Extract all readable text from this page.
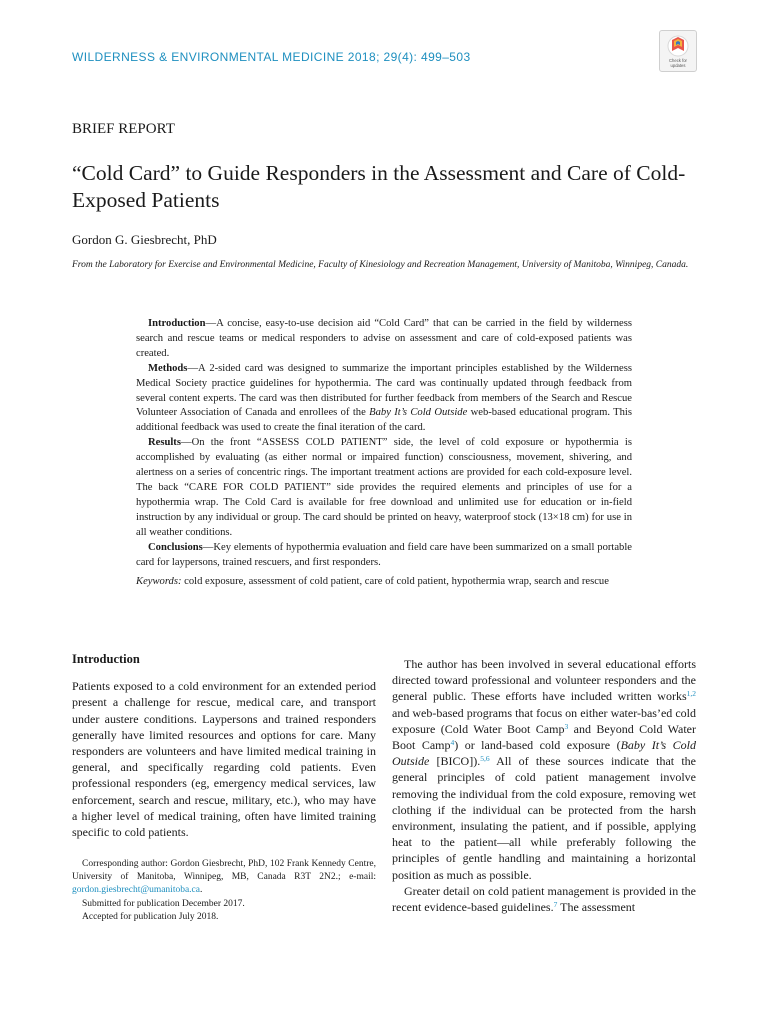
WILDERNESS & ENVIRONMENTAL MEDICINE 2018; 29(4): 499–503	Check for
updates
BRIEF REPORT
“Cold Card” to Guide Responders in the Assessment and Care of Cold-Exposed Patients
Gordon G. Giesbrecht, PhD
From the Laboratory for Exercise and Environmental Medicine, Faculty of Kinesiology and Recreation Management, University of Manitoba, Winnipeg, Canada.

Introduction—A concise, easy-to-use decision aid “Cold Card” that can be carried in the field by wilderness search and rescue teams or medical responders to advise on assessment and care of cold-exposed patients was created.

Methods—A 2-sided card was designed to summarize the important principles established by the Wilderness Medical Society practice guidelines for hypothermia. The card was continually updated through feedback from several content experts. The card was then distributed for further feedback from members of the Search and Rescue Volunteer Association of Canada and enrollees of the Baby It’s Cold Outside web-based educational program. This additional feedback was used to create the final iteration of the card.

Results—On the front “ASSESS COLD PATIENT” side, the level of cold exposure or hypothermia is accomplished by evaluating (as either normal or impaired function) consciousness, movement, shivering, and alertness on a series of concentric rings. The important treatment actions are provided for each cold-exposure level. The back “CARE FOR COLD PATIENT” side provides the required elements and principles of use for a hypothermia wrap. The Cold Card is available for free download and unlimited use for education or in-field instruction by any individual or group. The card should be printed on heavy, waterproof stock (13×18 cm) for use in all weather conditions.

Conclusions—Key elements of hypothermia evaluation and field care have been summarized on a small portable card for laypersons, trained rescuers, and first responders.

Keywords: cold exposure, assessment of cold patient, care of cold patient, hypothermia wrap, search and rescue
Introduction

Patients exposed to a cold environment for an extended period present a challenge for rescue, medical care, and transport under austere conditions. Laypersons and trained responders generally have limited resources and options for care. Many responders are volunteers and have limited medical training in general, and specifically regarding cold patients. Even professional responders (eg, emergency medical services, law enforcement, search and rescue, military, etc.), who may have a higher level of medical training, often have limited training specific to cold patients.

Corresponding author: Gordon Giesbrecht, PhD, 102 Frank Kennedy Centre, University of Manitoba, Winnipeg, MB, Canada R3T 2N2.; e-mail: gordon.giesbrecht@umanitoba.ca.

Submitted for publication December 2017.

Accepted for publication July 2018.

The author has been involved in several educational efforts directed toward professional and volunteer responders and the general public. These efforts have included written works$^{1,2}$ and web-based programs that focus on either water-bas’ed cold exposure (Cold Water Boot Camp$^3$ and Beyond Cold Water Boot Camp$^4$) or land-based cold exposure (Baby It’s Cold Outside [BICO]).$^{5,6}$ All of these sources indicate that the general principles of cold patient management involve removing the individual from the cold exposure, removing wet clothing if the individual can be protected from the harsh environment, insulating the patient, and if possible, applying heat to the patient—all while preferably following the principles of gentle handling and maintaining a horizontal position as much as possible.

Greater detail on cold patient management is provided in the recent evidence-based guidelines.$^7$ The assessment
